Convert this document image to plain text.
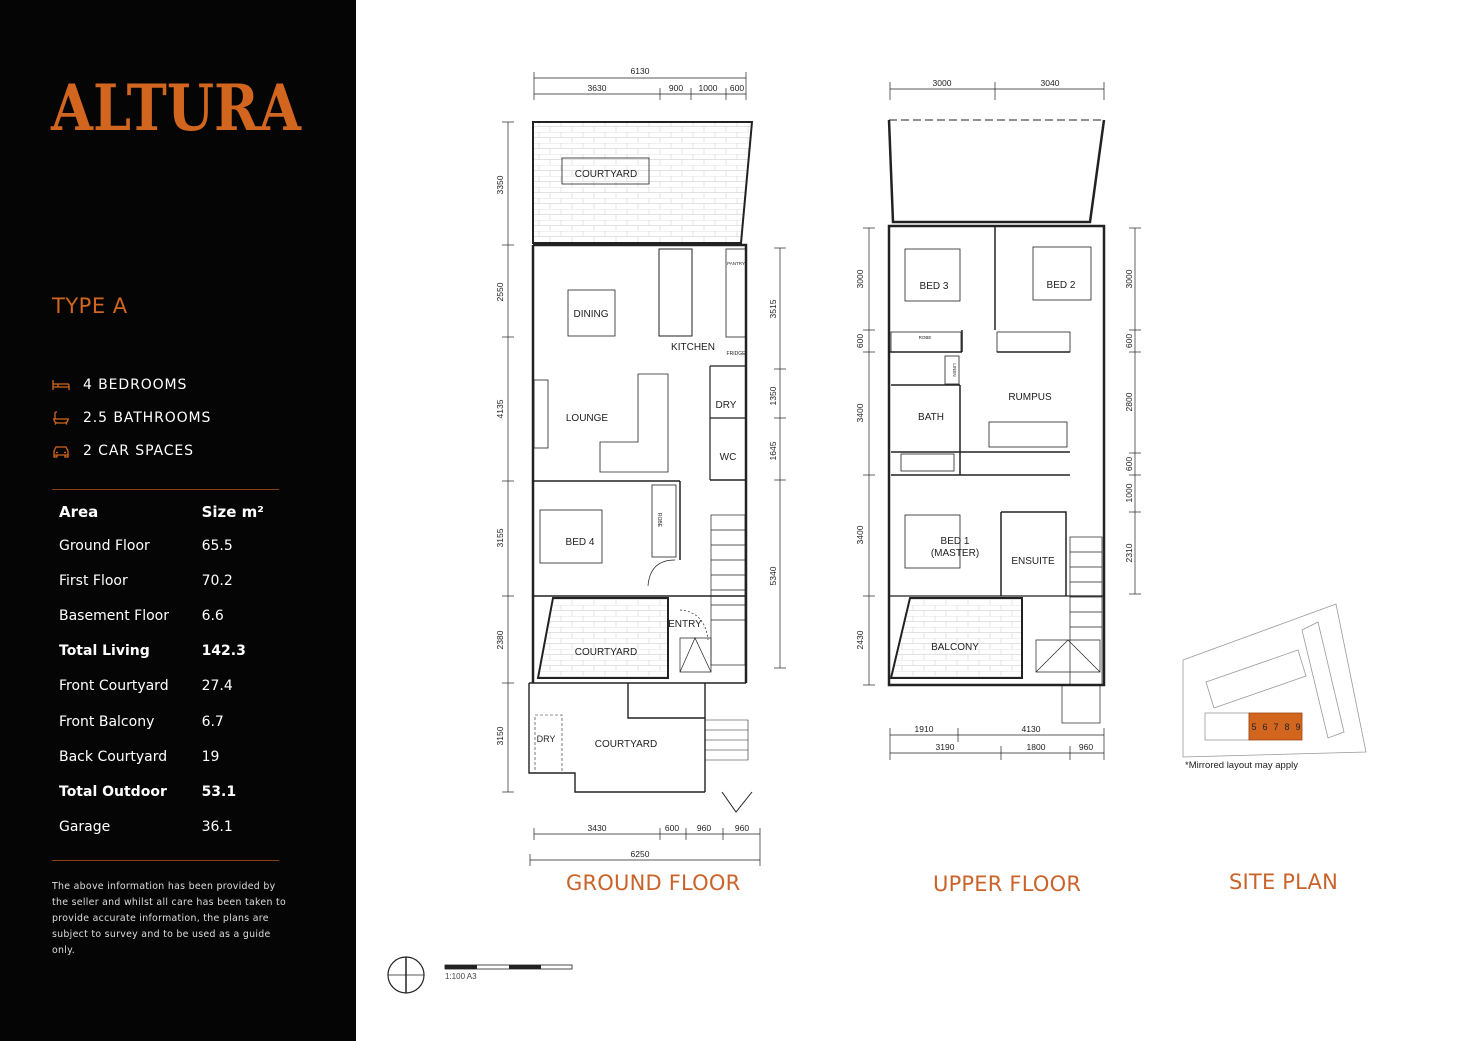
ALTURA
TYPE A
4 BEDROOMS
2.5 BATHROOMS
2 CAR SPACES
Area	Size m²
Ground Floor	65.5
First Floor	70.2
Basement Floor	6.6
Total Living	142.3
Front Courtyard	27.4
Front Balcony	6.7
Back Courtyard	19
Total Outdoor	53.1
Garage	36.1
The above information has been provided by the seller and whilst all care has been taken to provide accurate information, the plans are subject to survey and to be used as a guide only.
COURTYARD
DINING
KITCHEN
LOUNGE
DRY
WC
BED 4
ENTRY
COURTYARD
DRY	COURTYARD
PANTRY
FRIDGE
ROBE
6130
3630	900 1000 600
3350
2550
4135
3155
2380
3150
3515
1350
1645
5340
3430	600 960	960
6250
BED 3	BED 2
RUMPUS
BATH
BED 1
(MASTER)
ENSUITE
BALCONY
ROBE
LINEN
3000	3040
3000
600
3400
3400
2430
3000
600
2800
600
1000
2310
1910	4130
3190	1800	960
5 6 7 8 9
GROUND FLOOR	UPPER FLOOR	SITE PLAN
*Mirrored layout may apply
1:100 A3
